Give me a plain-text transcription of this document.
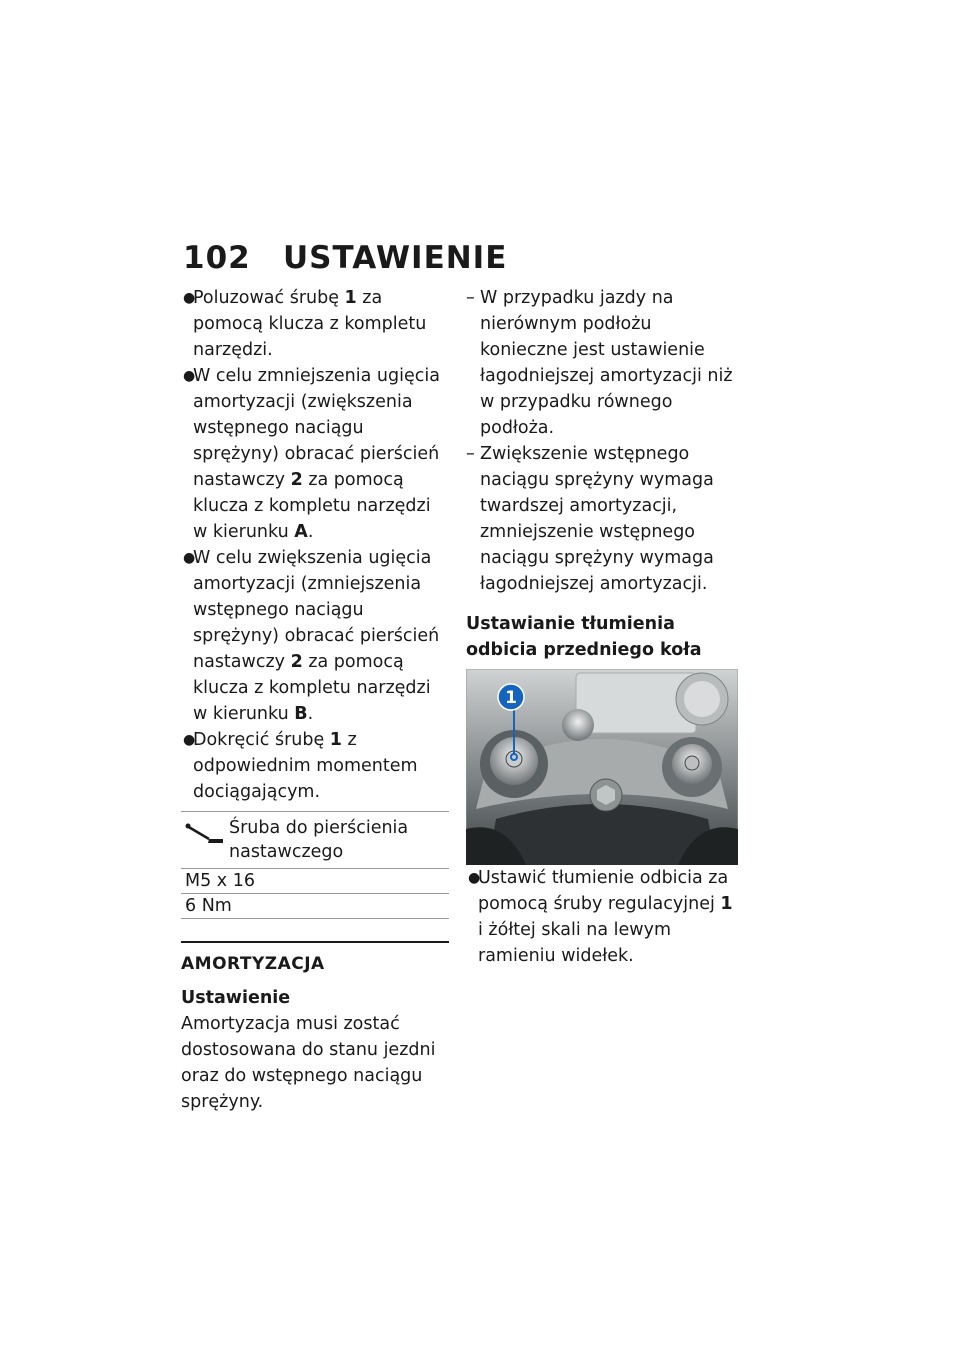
102 USTAWIENIE

●
Poluzować śrubę 1 za pomocą klucza z kompletu narzędzi.

●
W celu zmniejszenia ugięcia amortyzacji (zwiększenia wstępnego naciągu sprężyny) obracać pierścień nastawczy 2 za pomocą klucza z kompletu narzędzi w kierunku A.

●
W celu zwiększenia ugięcia amortyzacji (zmniejszenia wstępnego naciągu sprężyny) obracać pierścień nastawczy 2 za pomocą klucza z kompletu narzędzi w kierunku B.

●
Dokręcić śrubę 1 z odpowiednim momentem dociągającym.

Śruba do pierścienia nastawczego
M5 x 16
6 Nm
AMORTYZACJA
Ustawienie
Amortyzacja musi zostać dostosowana do stanu jezdni oraz do wstępnego naciągu sprężyny.

– W przypadku jazdy na nierównym podłożu konieczne jest ustawienie łagodniejszej amortyzacji niż w przypadku równego podłoża.

– Zwiększenie wstępnego naciągu sprężyny wymaga twardszej amortyzacji, zmniejszenie wstępnego naciągu sprężyny wymaga łagodniejszej amortyzacji.

Ustawianie tłumienia odbicia przedniego koła
1

●
Ustawić tłumienie odbicia za pomocą śruby regulacyjnej 1 i żółtej skali na lewym ramieniu widełek.
